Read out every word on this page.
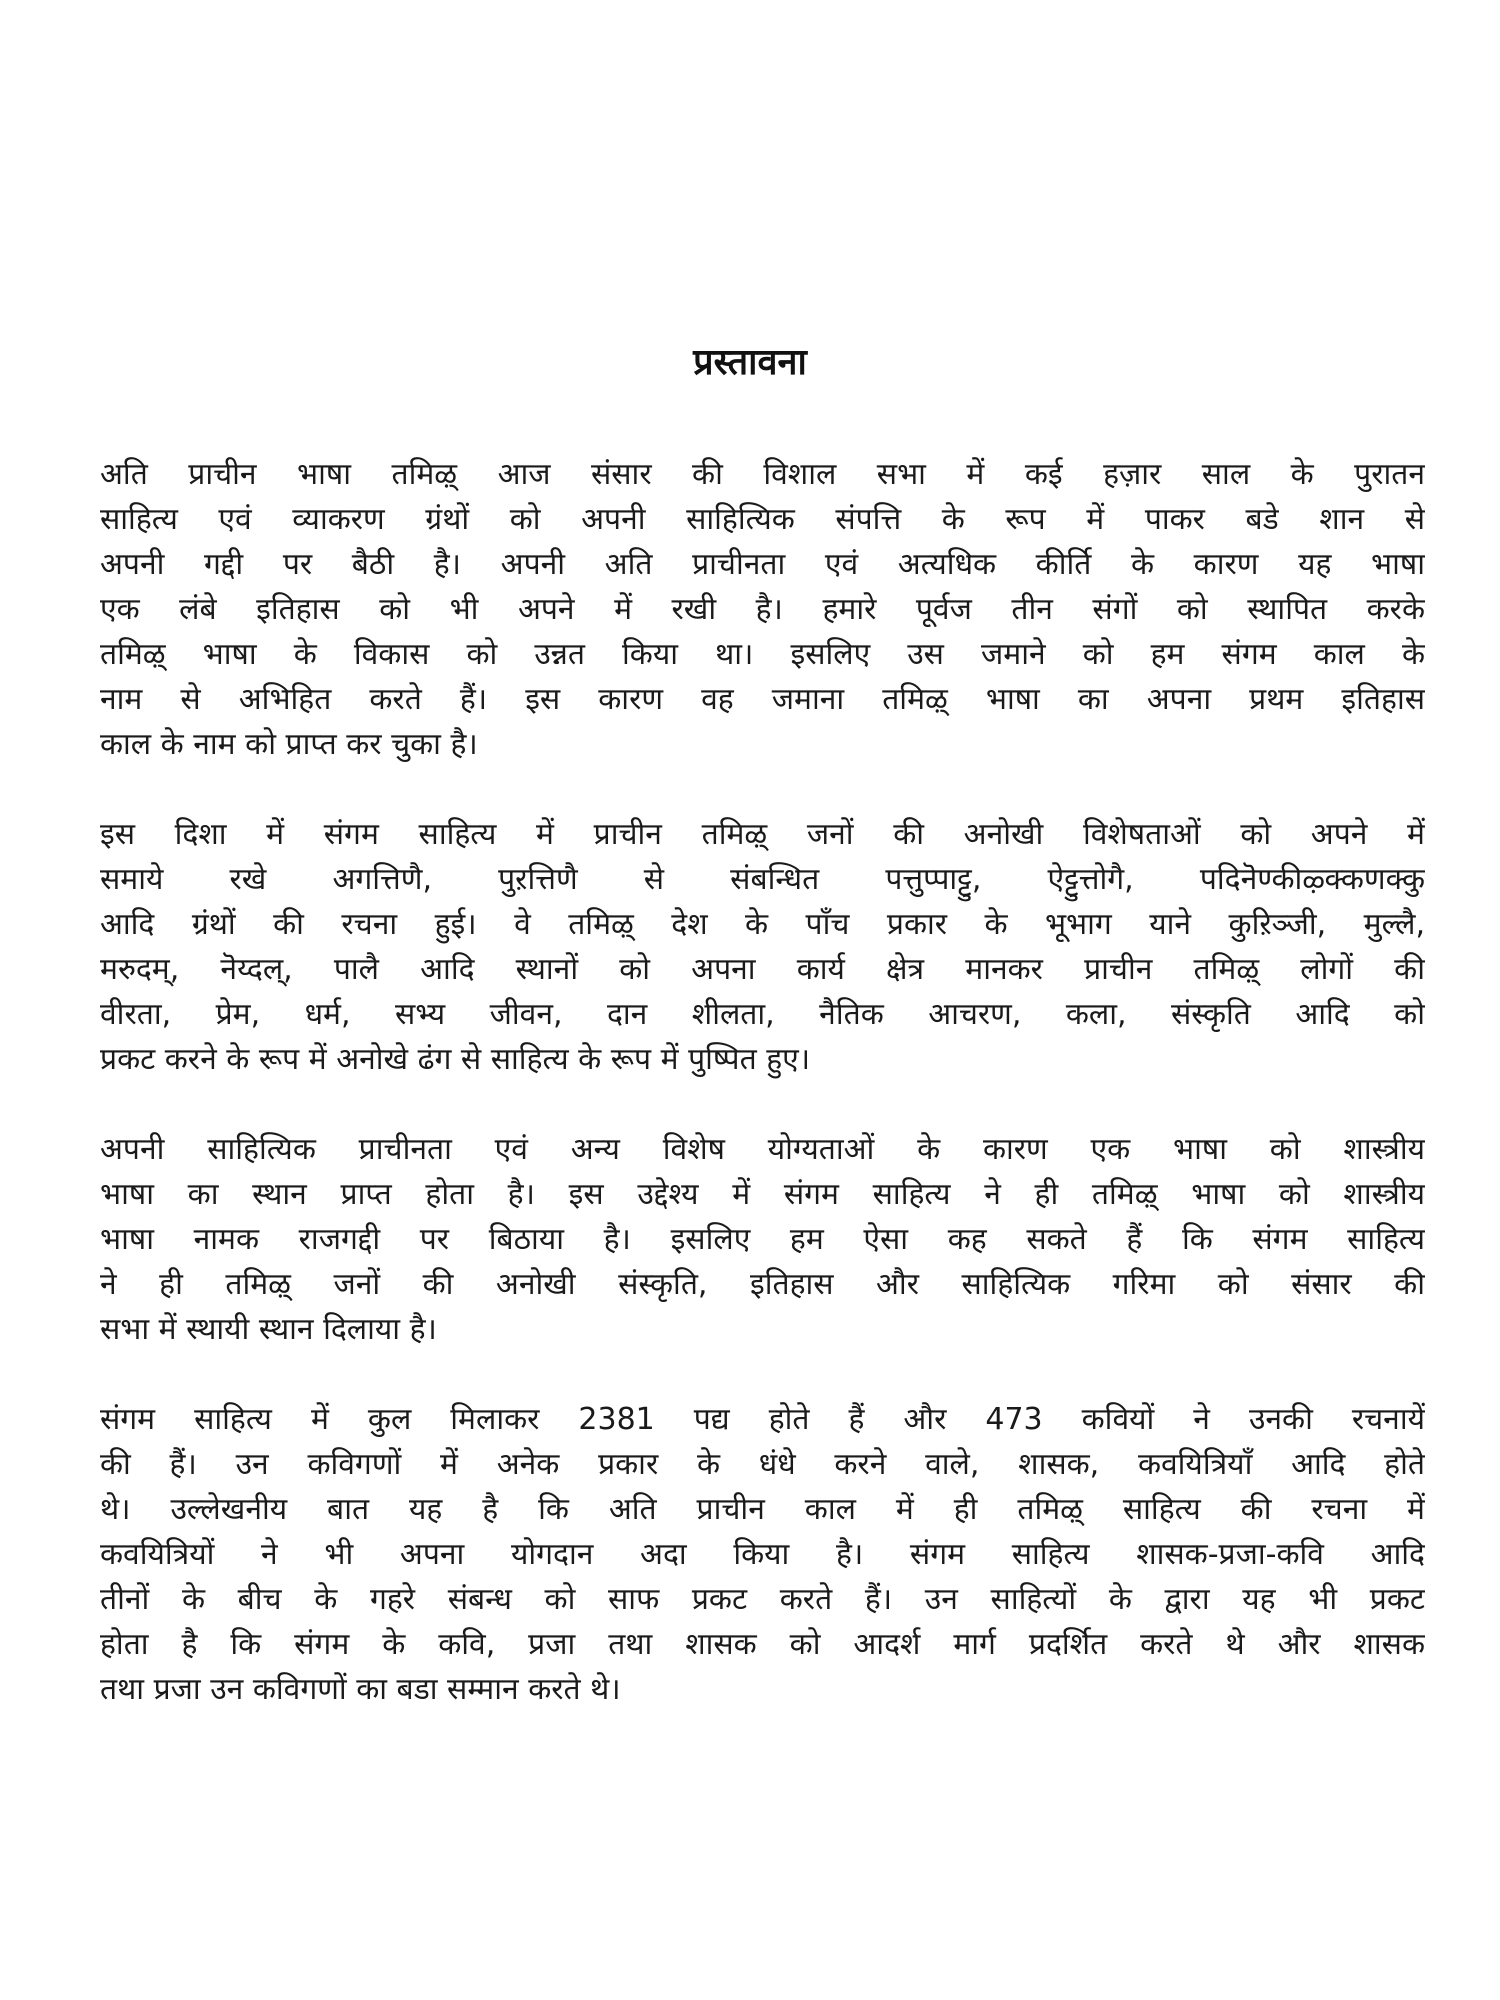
प्रस्तावना
अति प्राचीन भाषा तमिऴ् आज संसार की विशाल सभा में कई हज़ार साल के पुरातन
साहित्य एवं व्याकरण ग्रंथों को अपनी साहित्यिक संपत्ति के रूप में पाकर बडे शान से
अपनी गद्दी पर बैठी है। अपनी अति प्राचीनता एवं अत्यधिक कीर्ति के कारण यह भाषा
एक लंबे इतिहास को भी अपने में रखी है। हमारे पूर्वज तीन संगों को स्थापित करके
तमिऴ् भाषा के विकास को उन्नत किया था। इसलिए उस जमाने को हम संगम काल के
नाम से अभिहित करते हैं। इस कारण वह जमाना तमिऴ् भाषा का अपना प्रथम इतिहास
काल के नाम को प्राप्त कर चुका है।
इस दिशा में संगम साहित्य में प्राचीन तमिऴ् जनों की अनोखी विशेषताओं को अपने में
समाये रखे अगत्तिणै, पुऱत्तिणै से संबन्धित पत्तुप्पाट्टु, ऐट्टुत्तोगै, पदिनॆण्कीऴ्क्कणक्कु
आदि ग्रंथों की रचना हुई। वे तमिऴ् देश के पाँच प्रकार के भूभाग याने कुऱिञ्जी, मुल्लै,
मरुदम्, नॆय्दल्, पालै आदि स्थानों को अपना कार्य क्षेत्र मानकर प्राचीन तमिऴ् लोगों की
वीरता, प्रेम, धर्म, सभ्य जीवन, दान शीलता, नैतिक आचरण, कला, संस्कृति आदि को
प्रकट करने के रूप में अनोखे ढंग से साहित्य के रूप में पुष्पित हुए।
अपनी साहित्यिक प्राचीनता एवं अन्य विशेष योग्यताओं के कारण एक भाषा को शास्त्रीय
भाषा का स्थान प्राप्त होता है। इस उद्देश्य में संगम साहित्य ने ही तमिऴ् भाषा को शास्त्रीय
भाषा नामक राजगद्दी पर बिठाया है। इसलिए हम ऐसा कह सकते हैं कि संगम साहित्य
ने ही तमिऴ् जनों की अनोखी संस्कृति, इतिहास और साहित्यिक गरिमा को संसार की
सभा में स्थायी स्थान दिलाया है।
संगम साहित्य में कुल मिलाकर 2381 पद्य होते हैं और 473 कवियों ने उनकी रचनायें
की हैं। उन कविगणों में अनेक प्रकार के धंधे करने वाले, शासक, कवयित्रियाँ आदि होते
थे। उल्लेखनीय बात यह है कि अति प्राचीन काल में ही तमिऴ् साहित्य की रचना में
कवयित्रियों ने भी अपना योगदान अदा किया है। संगम साहित्य शासक-प्रजा-कवि आदि
तीनों के बीच के गहरे संबन्ध को साफ प्रकट करते हैं। उन साहित्यों के द्वारा यह भी प्रकट
होता है कि संगम के कवि, प्रजा तथा शासक को आदर्श मार्ग प्रदर्शित करते थे और शासक
तथा प्रजा उन कविगणों का बडा सम्मान करते थे।
